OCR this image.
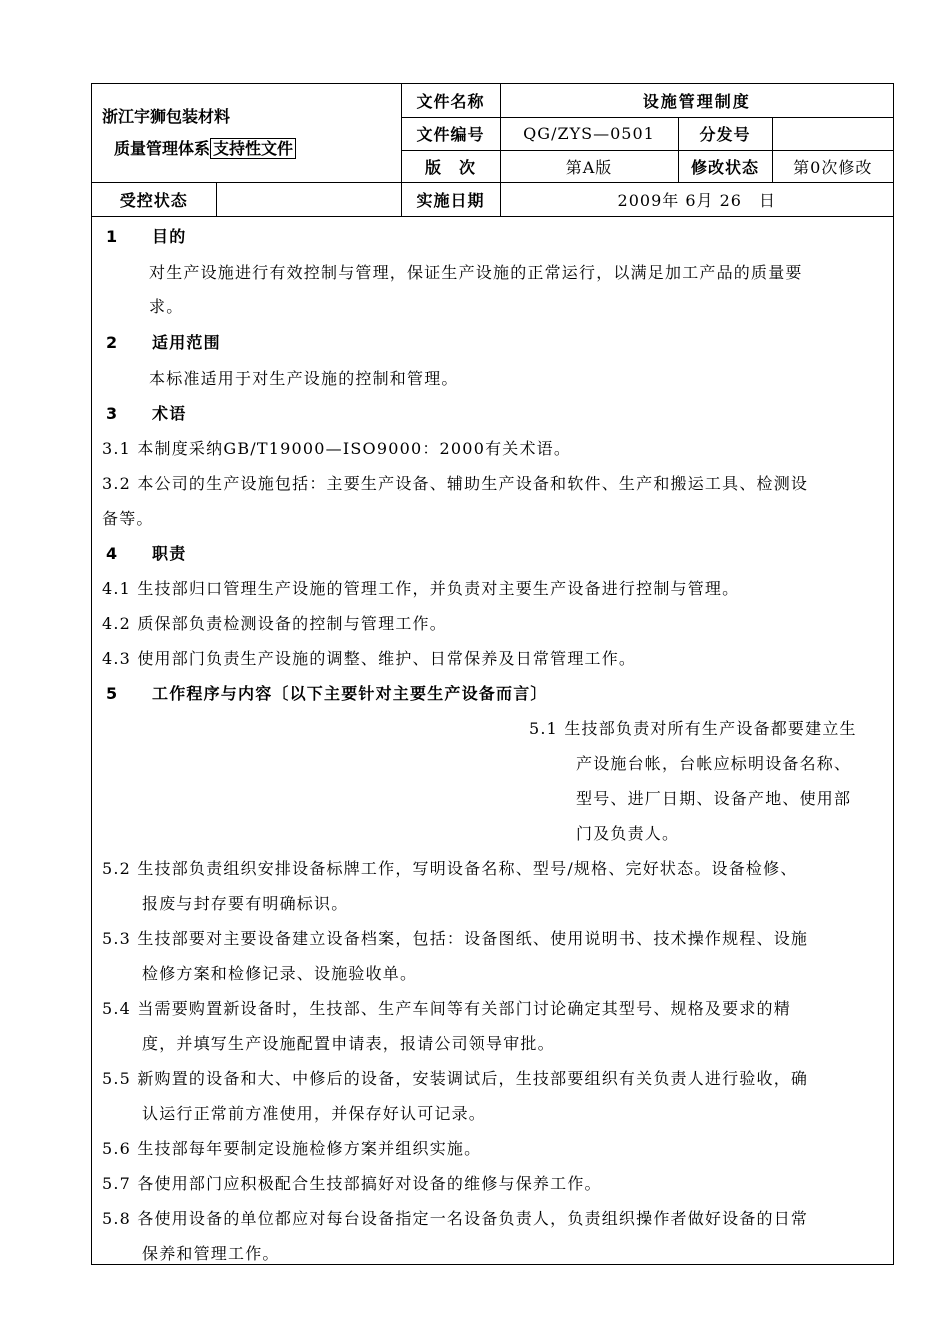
浙江宇狮包装材料
质量管理体系 支持性文件		文件名称	设施管理制度		
		文件编号	QG/ZYS—0501	分发号	
		版　次	第A版	修改状态	第0次修改
受控状态		实施日期	2009年 6月 26　日		
1 目的
对生产设施进行有效控制与管理，保证生产设施的正常运行，以满足加工产品的质量要
求。
2 适用范围
本标准适用于对生产设施的控制和管理。
3 术语
3.1 本制度采纳GB/T19000—ISO9000：2000有关术语。
3.2 本公司的生产设施包括：主要生产设备、辅助生产设备和软件、生产和搬运工具、检测设
备等。
4 职责
4.1 生技部归口管理生产设施的管理工作，并负责对主要生产设备进行控制与管理。
4.2 质保部负责检测设备的控制与管理工作。
4.3 使用部门负责生产设施的调整、维护、日常保养及日常管理工作。
5 工作程序与内容〔以下主要针对主要生产设备而言〕
5.1 生技部负责对所有生产设备都要建立生
产设施台帐，台帐应标明设备名称、
型号、进厂日期、设备产地、使用部
门及负责人。
5.2 生技部负责组织安排设备标牌工作，写明设备名称、型号/规格、完好状态。设备检修、
报废与封存要有明确标识。
5.3 生技部要对主要设备建立设备档案，包括：设备图纸、使用说明书、技术操作规程、设施
检修方案和检修记录、设施验收单。
5.4 当需要购置新设备时，生技部、生产车间等有关部门讨论确定其型号、规格及要求的精
度，并填写生产设施配置申请表，报请公司领导审批。
5.5 新购置的设备和大、中修后的设备，安装调试后，生技部要组织有关负责人进行验收，确
认运行正常前方准使用，并保存好认可记录。
5.6 生技部每年要制定设施检修方案并组织实施。
5.7 各使用部门应积极配合生技部搞好对设备的维修与保养工作。
5.8 各使用设备的单位都应对每台设备指定一名设备负责人，负责组织操作者做好设备的日常
保养和管理工作。
